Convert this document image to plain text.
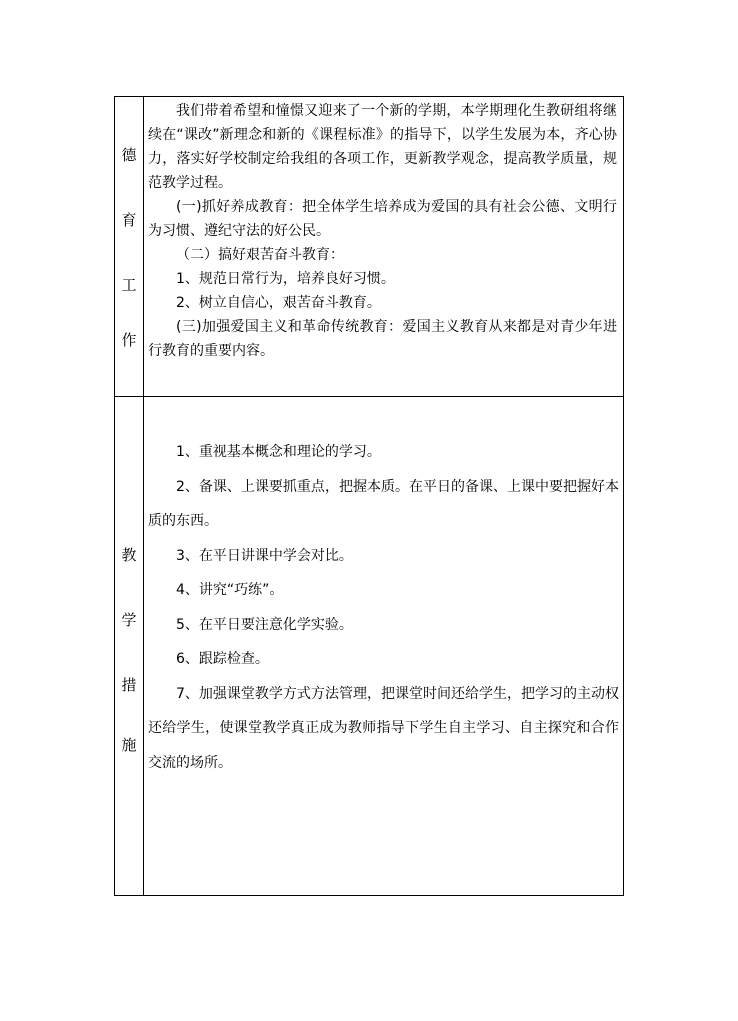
德
育
工
作

我们带着希望和憧憬又迎来了一个新的学期，本学期理化生教研组将继续在“课改”新理念和新的《课程标准》的指导下，以学生发展为本，齐心协力，落实好学校制定给我组的各项工作，更新教学观念，提高教学质量，规范教学过程。

(一)抓好养成教育：把全体学生培养成为爱国的具有社会公德、文明行为习惯、遵纪守法的好公民。

（二）搞好艰苦奋斗教育：

1、规范日常行为，培养良好习惯。

2、树立自信心，艰苦奋斗教育。

(三)加强爱国主义和革命传统教育：爱国主义教育从来都是对青少年进行教育的重要内容。

教
学
措
施

1、重视基本概念和理论的学习。

2、备课、上课要抓重点，把握本质。在平日的备课、上课中要把握好本质的东西。

3、在平日讲课中学会对比。

4、讲究“巧练”。

5、在平日要注意化学实验。

6、跟踪检查。

7、加强课堂教学方式方法管理，把课堂时间还给学生，把学习的主动权还给学生，使课堂教学真正成为教师指导下学生自主学习、自主探究和合作交流的场所。
